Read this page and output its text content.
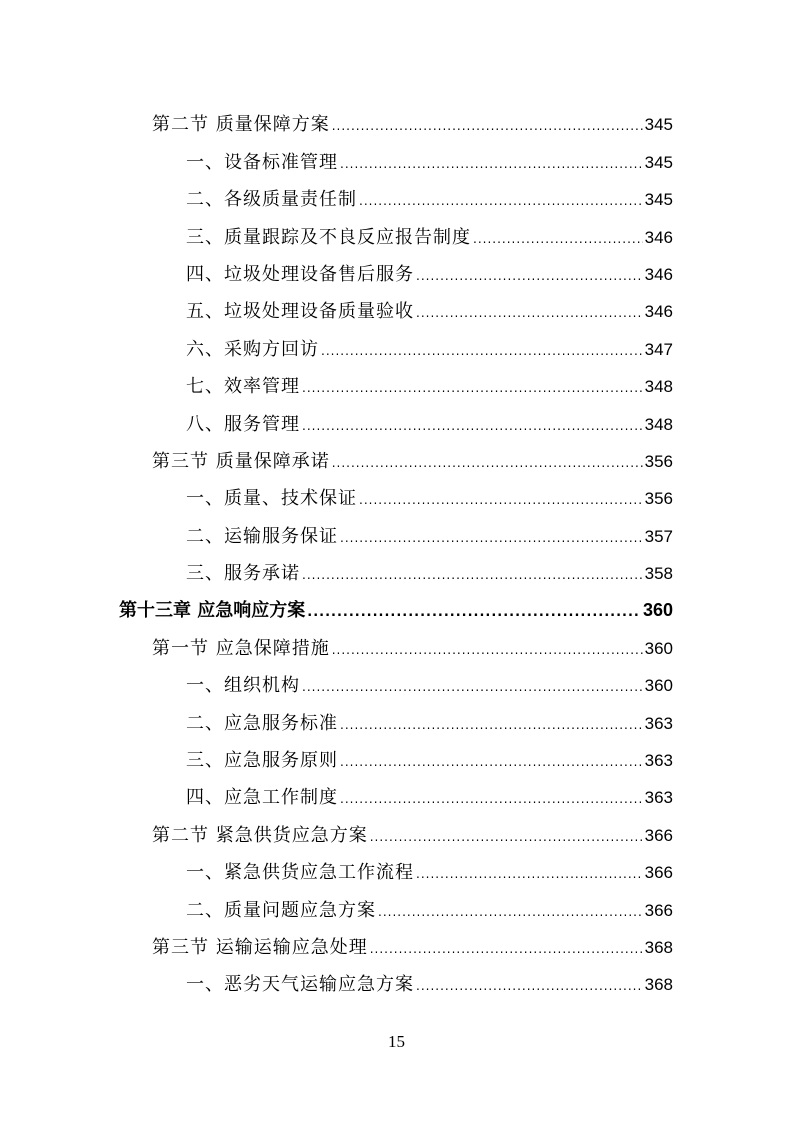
第二节 质量保障方案 .....	345
一、设备标准管理 .....	345
二、各级质量责任制 .....	345
三、质量跟踪及不良反应报告制度 .....	346
四、垃圾处理设备售后服务 .....	346
五、垃圾处理设备质量验收 .....	346
六、采购方回访 .....	347
七、效率管理 .....	348
八、服务管理 .....	348
第三节 质量保障承诺 .....	356
一、质量、技术保证 .....	356
二、运输服务保证 .....	357
三、服务承诺 .....	358
第十三章 应急响应方案 .....	360
第一节 应急保障措施 .....	360
一、组织机构 .....	360
二、应急服务标准 .....	363
三、应急服务原则 .....	363
四、应急工作制度 .....	363
第二节 紧急供货应急方案 .....	366
一、紧急供货应急工作流程 .....	366
二、质量问题应急方案 .....	366
第三节 运输运输应急处理 .....	368
一、恶劣天气运输应急方案 .....	368
15
